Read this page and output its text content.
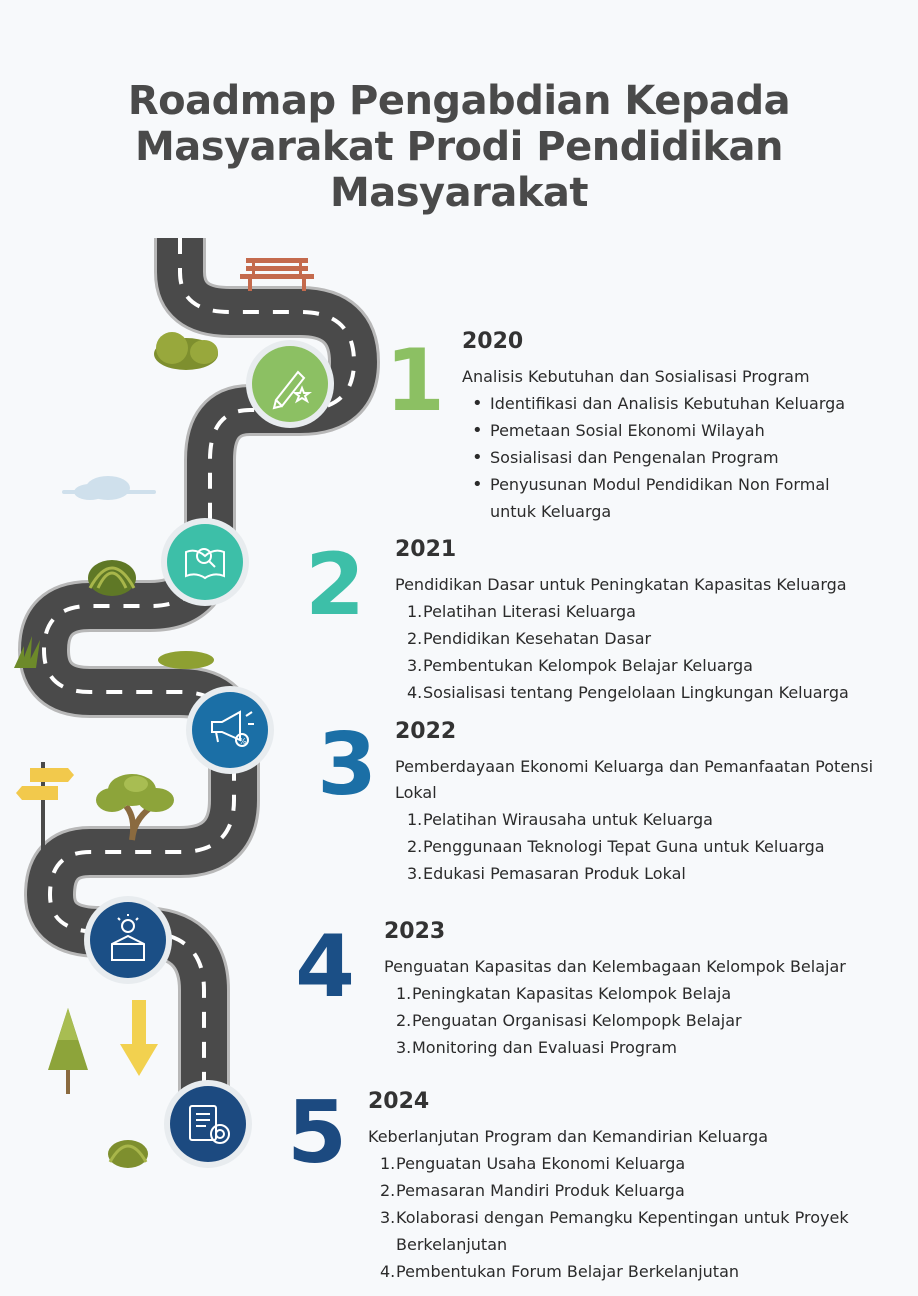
Roadmap Pengabdian Kepada
Masyarakat Prodi Pendidikan
Masyarakat
%
1
2
3
4
5
2020

Analisis Kebutuhan dan Sosialisasi Program

• Identifikasi dan Analisis Kebutuhan Keluarga
• Pemetaan Sosial Ekonomi Wilayah
• Sosialisasi dan Pengenalan Program
• Penyusunan Modul Pendidikan Non Formal untuk Keluarga
2021

Pendidikan Dasar untuk Peningkatan Kapasitas Keluarga

1. Pelatihan Literasi Keluarga
2. Pendidikan Kesehatan Dasar
3. Pembentukan Kelompok Belajar Keluarga
4. Sosialisasi tentang Pengelolaan Lingkungan Keluarga
2022

Pemberdayaan Ekonomi Keluarga dan Pemanfaatan Potensi Lokal

1. Pelatihan Wirausaha untuk Keluarga
2. Penggunaan Teknologi Tepat Guna untuk Keluarga
3. Edukasi Pemasaran Produk Lokal
2023

Penguatan Kapasitas dan Kelembagaan Kelompok Belajar

1. Peningkatan Kapasitas Kelompok Belaja
2. Penguatan Organisasi Kelompopk Belajar
3. Monitoring dan Evaluasi Program
2024

Keberlanjutan Program dan Kemandirian Keluarga

1. Penguatan Usaha Ekonomi Keluarga
2. Pemasaran Mandiri Produk Keluarga
3. Kolaborasi dengan Pemangku Kepentingan untuk Proyek Berkelanjutan
4. Pembentukan Forum Belajar Berkelanjutan
